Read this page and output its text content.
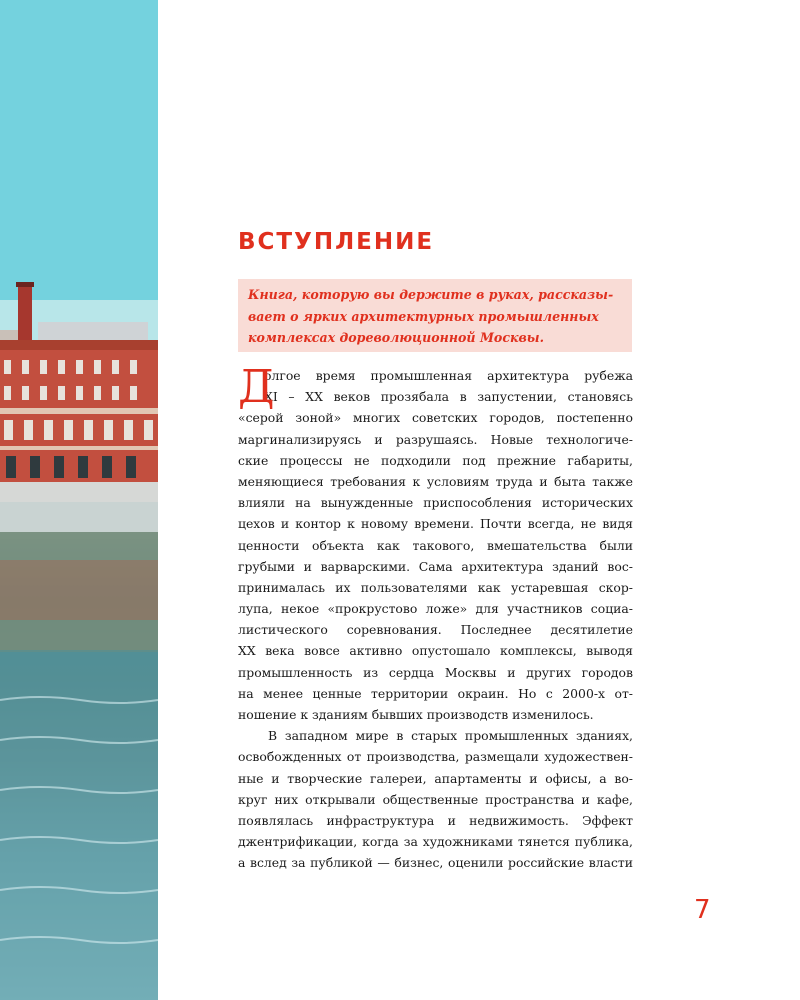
ВСТУПЛЕНИЕ
Книга, которую вы держите в руках, рассказы-
вает о ярких архитектурных промышленных
комплексах дореволюционной Москвы.
Д
олгое время промышленная архитектура рубежа
XI – XX веков прозябала в запустении, становясь
«серой зоной» многих советских городов, постепенно
маргинализируясь и разрушаясь. Новые технологиче-
ские процессы не подходили под прежние габариты,
меняющиеся требования к условиям труда и быта также
влияли на вынужденные приспособления исторических
цехов и контор к новому времени. Почти всегда, не видя
ценности объекта как такового, вмешательства были
грубыми и варварскими. Сама архитектура зданий вос-
принималась их пользователями как устаревшая скор-
лупа, некое «прокрустово ложе» для участников социа-
листического соревнования. Последнее десятилетие
XX века вовсе активно опустошало комплексы, выводя
промышленность из сердца Москвы и других городов
на менее ценные территории окраин. Но с 2000-х от-
ношение к зданиям бывших производств изменилось.
В западном мире в старых промышленных зданиях,
освобожденных от производства, размещали художествен-
ные и творческие галереи, апартаменты и офисы, а во-
круг них открывали общественные пространства и кафе,
появлялась инфраструктура и недвижимость. Эффект
джентрификации, когда за художниками тянется публика,
а вслед за публикой — бизнес, оценили российские власти
7
